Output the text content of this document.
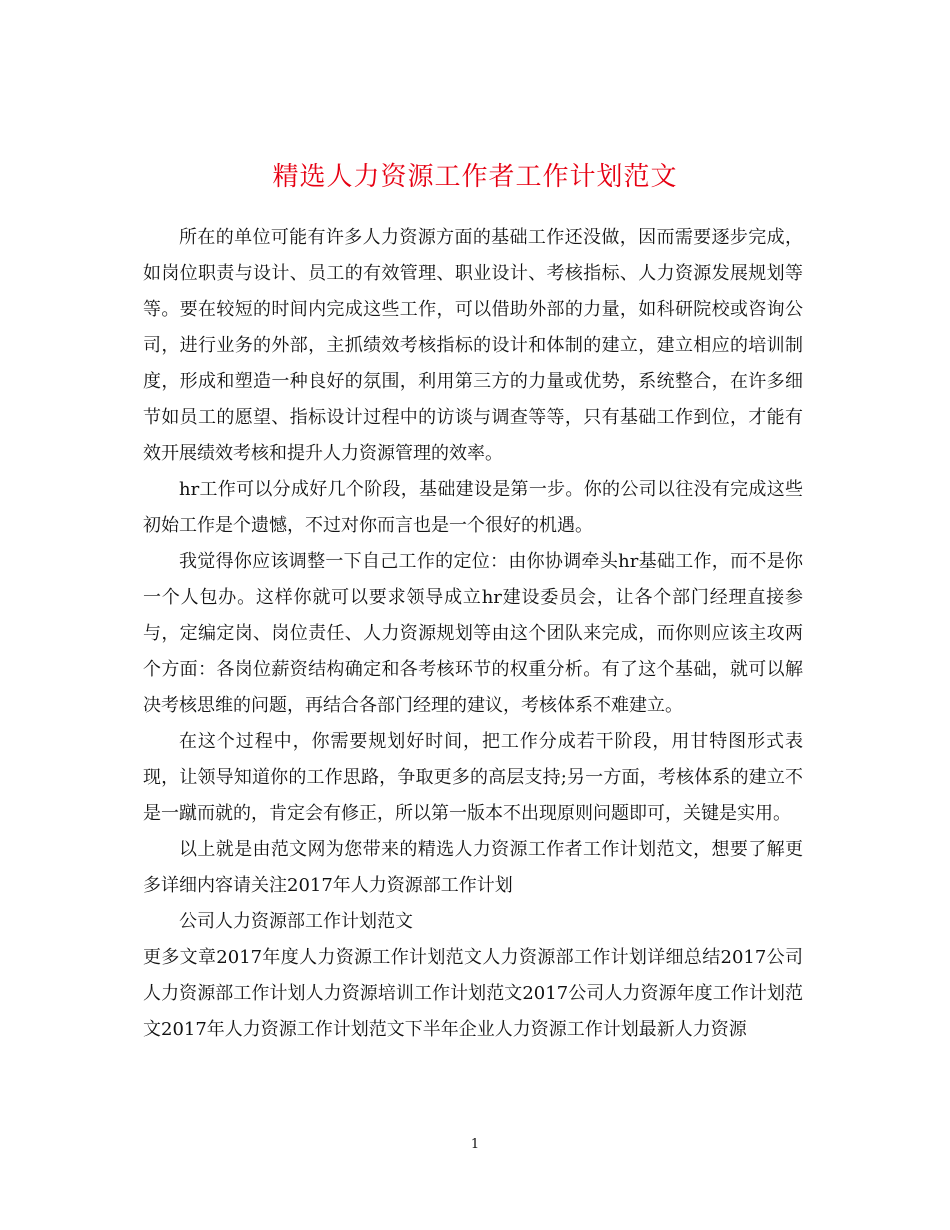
精选人力资源工作者工作计划范文

所在的单位可能有许多人力资源方面的基础工作还没做，因而需要逐步完成，如岗位职责与设计、员工的有效管理、职业设计、考核指标、人力资源发展规划等等。要在较短的时间内完成这些工作，可以借助外部的力量，如科研院校或咨询公司，进行业务的外部，主抓绩效考核指标的设计和体制的建立，建立相应的培训制度，形成和塑造一种良好的氛围，利用第三方的力量或优势，系统整合，在许多细节如员工的愿望、指标设计过程中的访谈与调查等等，只有基础工作到位，才能有效开展绩效考核和提升人力资源管理的效率。

hr工作可以分成好几个阶段，基础建设是第一步。你的公司以往没有完成这些初始工作是个遗憾，不过对你而言也是一个很好的机遇。

我觉得你应该调整一下自己工作的定位：由你协调牵头hr基础工作，而不是你一个人包办。这样你就可以要求领导成立hr建设委员会，让各个部门经理直接参与，定编定岗、岗位责任、人力资源规划等由这个团队来完成，而你则应该主攻两个方面：各岗位薪资结构确定和各考核环节的权重分析。有了这个基础，就可以解决考核思维的问题，再结合各部门经理的建议，考核体系不难建立。

在这个过程中，你需要规划好时间，把工作分成若干阶段，用甘特图形式表现，让领导知道你的工作思路，争取更多的高层支持;另一方面，考核体系的建立不是一蹴而就的，肯定会有修正，所以第一版本不出现原则问题即可，关键是实用。

以上就是由范文网为您带来的精选人力资源工作者工作计划范文，想要了解更多详细内容请关注2017年人力资源部工作计划

公司人力资源部工作计划范文

更多文章2017年度人力资源工作计划范文人力资源部工作计划详细总结2017公司人力资源部工作计划人力资源培训工作计划范文2017公司人力资源年度工作计划范文2017年人力资源工作计划范文下半年企业人力资源工作计划最新人力资源

1
